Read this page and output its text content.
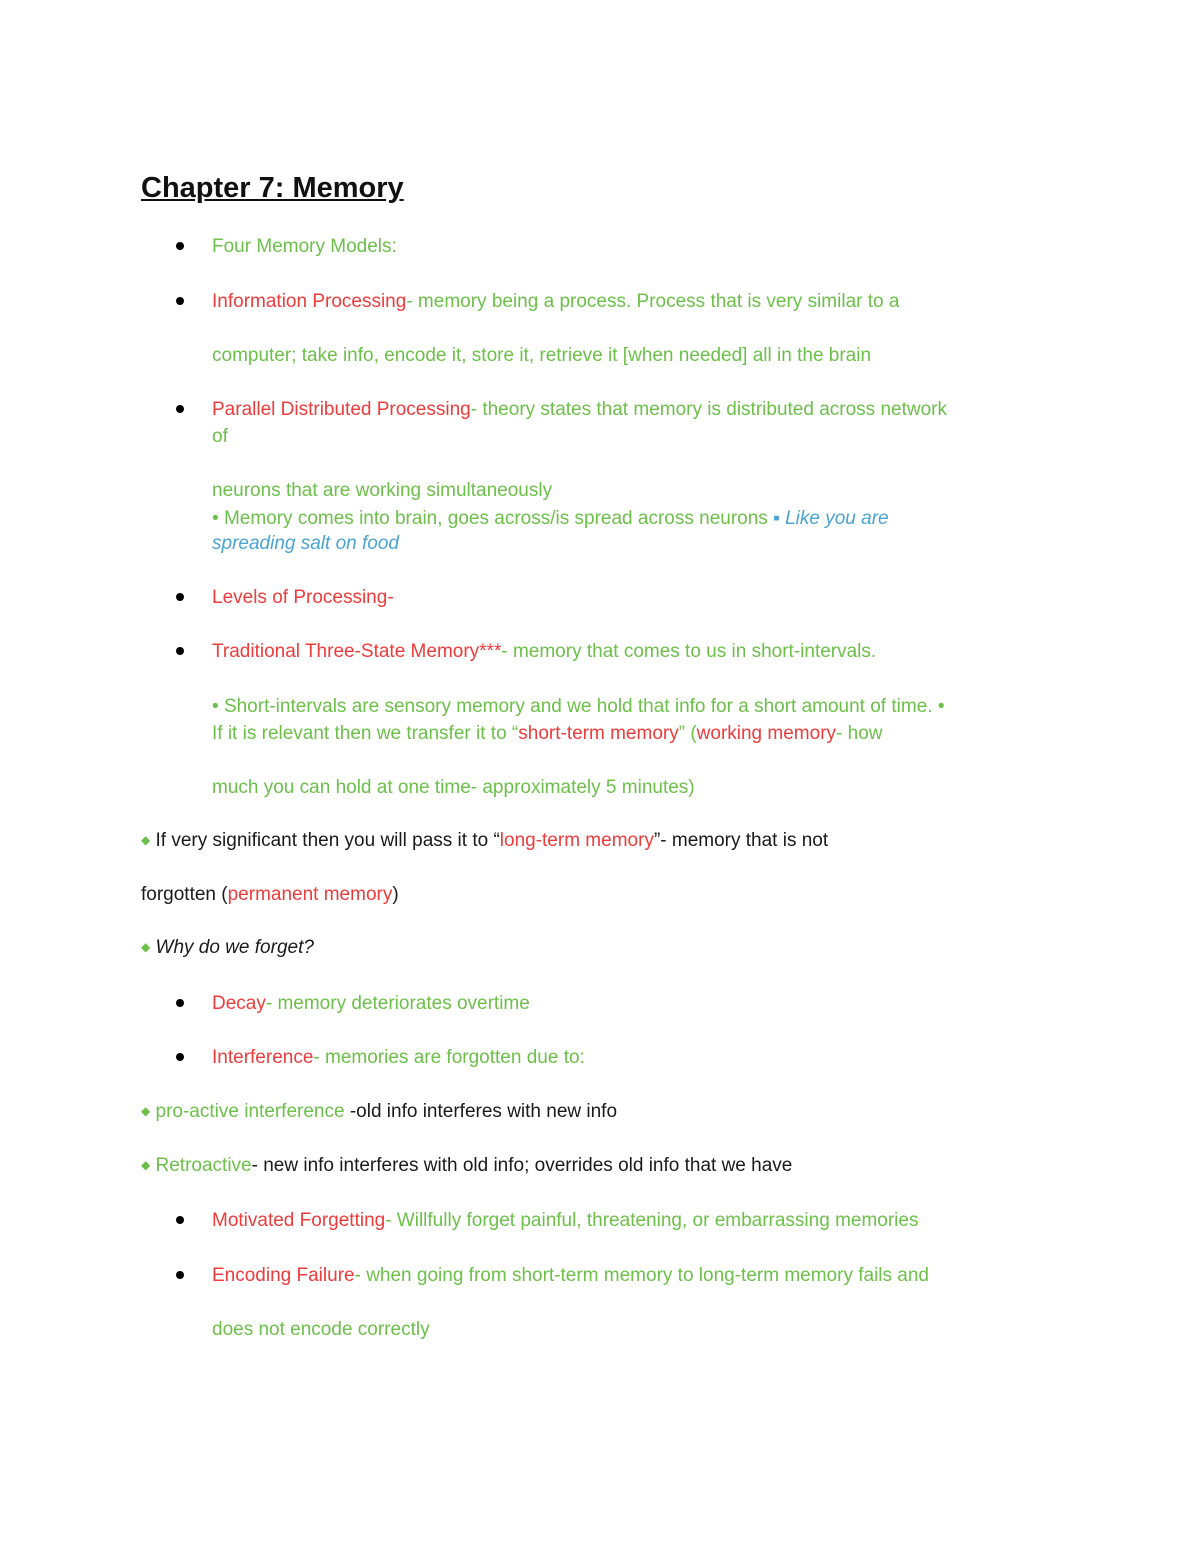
Chapter 7: Memory
Four Memory Models:
Information Processing- memory being a process. Process that is very similar to a
computer; take info, encode it, store it, retrieve it [when needed] all in the brain
Parallel Distributed Processing- theory states that memory is distributed across network
of
neurons that are working simultaneously
• Memory comes into brain, goes across/is spread across neurons ▪ Like you are
spreading salt on food
Levels of Processing-
Traditional Three-State Memory***- memory that comes to us in short-intervals.
• Short-intervals are sensory memory and we hold that info for a short amount of time. •
If it is relevant then we transfer it to “short-term memory” (working memory- how
much you can hold at one time- approximately 5 minutes)
◆ If very significant then you will pass it to “long-term memory”- memory that is not
forgotten (permanent memory)
◆ Why do we forget?
Decay- memory deteriorates overtime
Interference- memories are forgotten due to:
◆ pro-active interference -old info interferes with new info
◆ Retroactive- new info interferes with old info; overrides old info that we have
Motivated Forgetting- Willfully forget painful, threatening, or embarrassing memories
Encoding Failure- when going from short-term memory to long-term memory fails and
does not encode correctly
